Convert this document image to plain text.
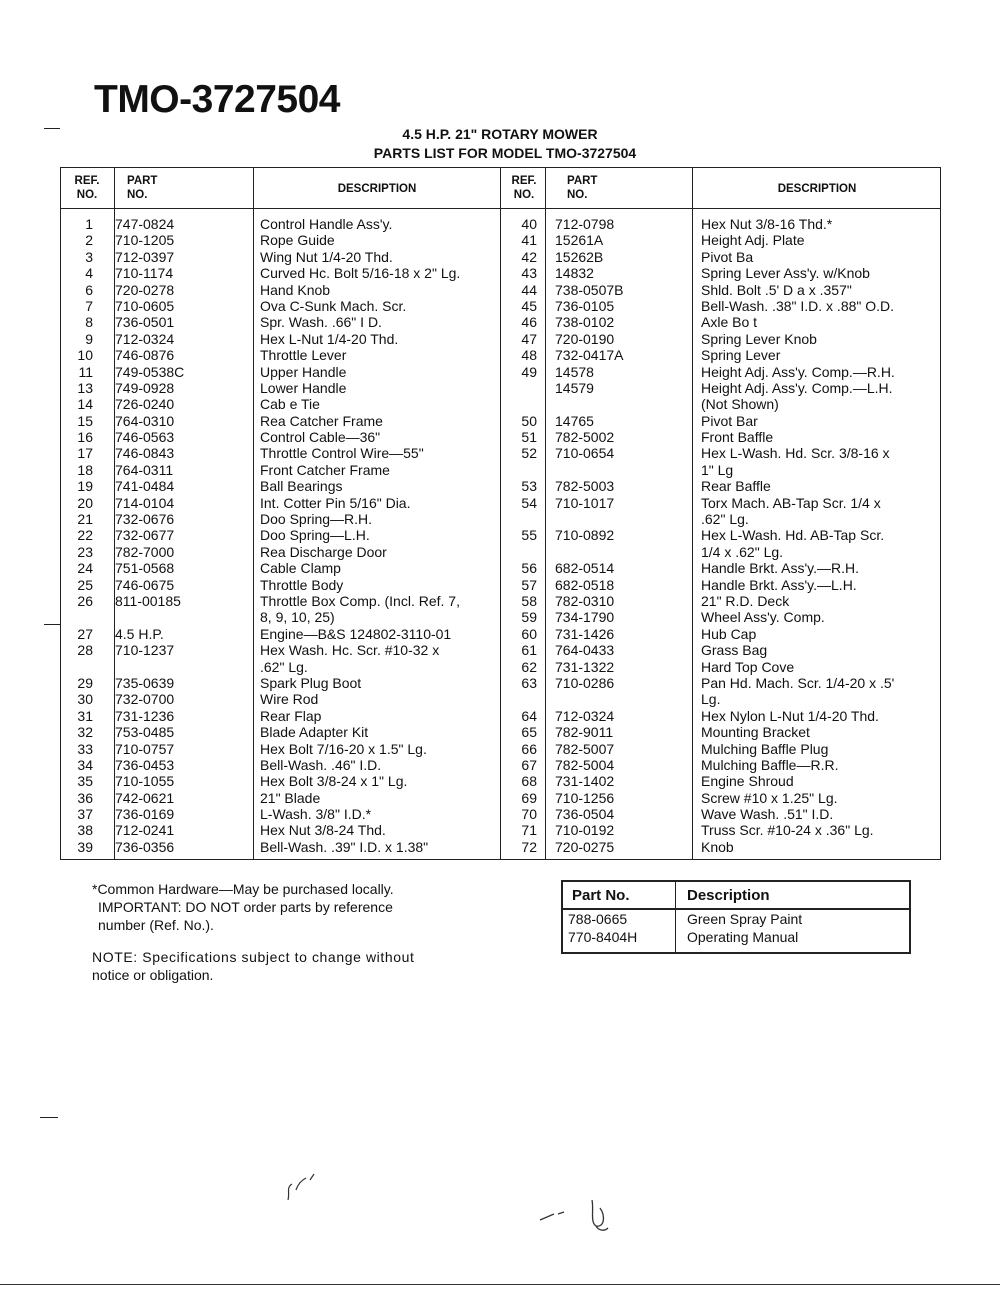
TMO-3727504
4.5 H.P. 21" ROTARY MOWER
PARTS LIST FOR MODEL TMO-3727504
REF. NO.
PART NO.	DESCRIPTION
REF. NO.
PART NO.	DESCRIPTION
1 747-0824	Control Handle Ass'y.
2 710-1205	Rope Guide
3 712-0397	Wing Nut 1/4-20 Thd.
4 710-1174	Curved Hc. Bolt 5/16-18 x 2" Lg.
6 720-0278	Hand Knob
7 710-0605	Ova C-Sunk Mach. Scr.
8 736-0501	Spr. Wash. .66" I D.
9 712-0324	Hex L-Nut 1/4-20 Thd.
10 746-0876	Throttle Lever
11 749-0538C	Upper Handle
13 749-0928	Lower Handle
14 726-0240	Cab e Tie
15 764-0310	Rea Catcher Frame
16 746-0563	Control Cable—36"
17 746-0843	Throttle Control Wire—55"
18 764-0311	Front Catcher Frame
19 741-0484	Ball Bearings
20 714-0104	Int. Cotter Pin 5/16" Dia.
21 732-0676	Doo Spring—R.H.
22 732-0677	Doo Spring—L.H.
23 782-7000	Rea Discharge Door
24 751-0568	Cable Clamp
25 746-0675	Throttle Body
26 811-00185	Throttle Box Comp. (Incl. Ref. 7,
8, 9, 10, 25)
27 4.5 H.P.	Engine—B&S 124802-3110-01
28 710-1237	Hex Wash. Hc. Scr. #10-32 x
.62" Lg.
29 735-0639	Spark Plug Boot
30 732-0700	Wire Rod
31 731-1236	Rear Flap
32 753-0485	Blade Adapter Kit
33 710-0757	Hex Bolt 7/16-20 x 1.5" Lg.
34 736-0453	Bell-Wash. .46" I.D.
35 710-1055	Hex Bolt 3/8-24 x 1" Lg.
36 742-0621	21" Blade
37 736-0169	L-Wash. 3/8" I.D.*
38 712-0241	Hex Nut 3/8-24 Thd.
39 736-0356	Bell-Wash. .39" I.D. x 1.38"
40 712-0798	Hex Nut 3/8-16 Thd.*
41 15261A	Height Adj. Plate
42 15262B	Pivot Ba
43 14832	Spring Lever Ass'y. w/Knob
44 738-0507B	Shld. Bolt .5' D a x .357"
45 736-0105	Bell-Wash. .38" I.D. x .88" O.D.
46 738-0102	Axle Bo t
47 720-0190	Spring Lever Knob
48 732-0417A	Spring Lever
49 14578	Height Adj. Ass'y. Comp.—R.H.
14579	Height Adj. Ass'y. Comp.—L.H.
(Not Shown)
50 14765	Pivot Bar
51 782-5002	Front Baffle
52 710-0654	Hex L-Wash. Hd. Scr. 3/8-16 x
1" Lg
53 782-5003	Rear Baffle
54 710-1017	Torx Mach. AB-Tap Scr. 1/4 x
.62" Lg.
55 710-0892	Hex L-Wash. Hd. AB-Tap Scr.
1/4 x .62" Lg.
56 682-0514	Handle Brkt. Ass'y.—R.H.
57 682-0518	Handle Brkt. Ass'y.—L.H.
58 782-0310	21" R.D. Deck
59 734-1790	Wheel Ass'y. Comp.
60 731-1426	Hub Cap
61 764-0433	Grass Bag
62 731-1322	Hard Top Cove
63 710-0286	Pan Hd. Mach. Scr. 1/4-20 x .5'
Lg.
64 712-0324	Hex Nylon L-Nut 1/4-20 Thd.
65 782-9011	Mounting Bracket
66 782-5007	Mulching Baffle Plug
67 782-5004	Mulching Baffle—R.R.
68 731-1402	Engine Shroud
69 710-1256	Screw #10 x 1.25" Lg.
70 736-0504	Wave Wash. .51" I.D.
71 710-0192	Truss Scr. #10-24 x .36" Lg.
72 720-0275	Knob
*Common Hardware—May be purchased locally.
IMPORTANT: DO NOT order parts by reference
number (Ref. No.).
NOTE: Specifications subject to change without
notice or obligation.
Part No.	Description
788-0665	Green Spray Paint
770-8404H	Operating Manual
